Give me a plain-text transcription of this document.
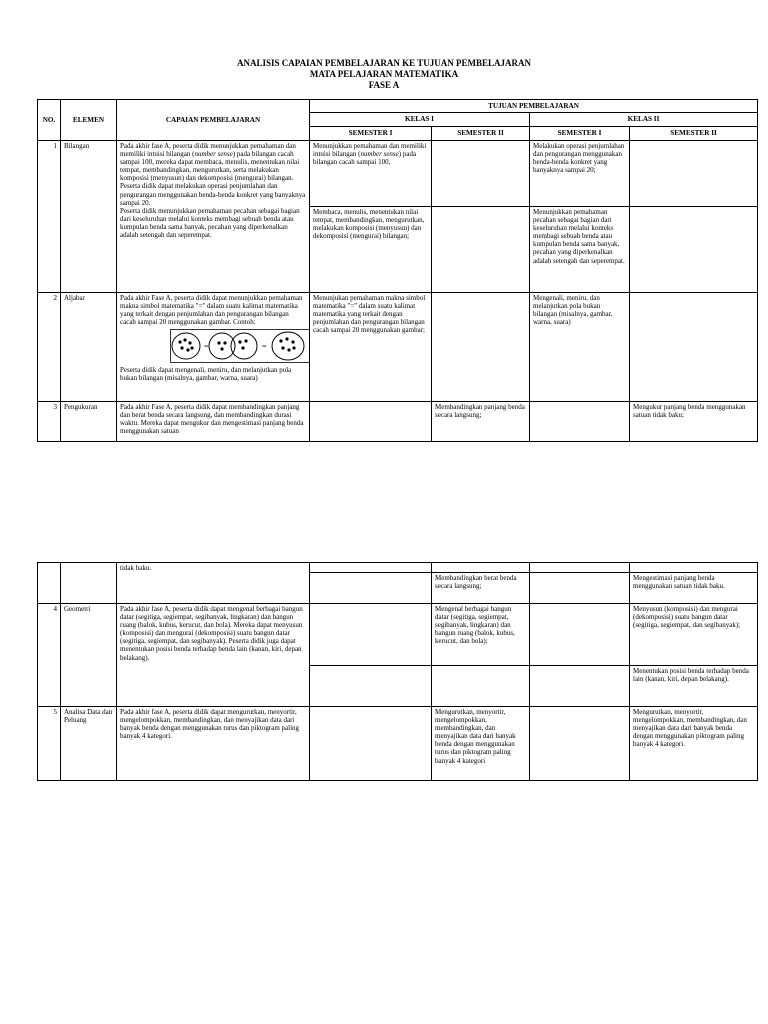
ANALISIS CAPAIAN PEMBELAJARAN KE TUJUAN PEMBELAJARAN
MATA PELAJARAN MATEMATIKA
FASE A
NO.	ELEMEN	CAPAIAN PEMBELAJARAN	TUJUAN PEMBELAJARAN			
			KELAS I		KELAS II	
			SEMESTER I	SEMESTER II	SEMESTER I	SEMESTER II
1	Bilangan	Pada akhir fase A, peserta didik menunjukkan pemahaman dan memiliki intuisi bilangan (number sense) pada bilangan cacah sampai 100, mereka dapat membaca, menulis, menentukan nilai tempat, membandingkan, mengurutkan, serta melakukan komposisi (menyusun) dan dekomposisi (mengurai) bilangan.
Peserta didik dapat melakukan operasi penjumlahan dan pengurangan menggunakan benda-benda konkret yang banyaknya sampai 20.
Peserta didik menunjukkan pemahaman pecahan sebagai bagian dari keseluruhan melalui konteks membagi sebuah benda atau kumpulan benda sama banyak, pecahan yang diperkenalkan adalah setengah dan seperempat.	Menunjukkan pemahaman dan memiliki intuisi bilangan (number sense) pada bilangan cacah sampai 100,		Melakukan operasi penjumlahan dan pengurangan menggunakan benda-benda konkret yang banyaknya sampai 20;	
			Membaca, menulis, menentukan nilai tempat, membandingkan, mengurutkan, melakukan komposisi (menyusun) dan dekomposisi (mengurai) bilangan;		Menunjukkan pemahaman pecahan sebagai bagian dari keseluruhan melalui konteks membagi sebuah benda atau kumpulan benda sama banyak, pecahan yang diperkenalkan adalah setengah dan seperempat.	
2	Aljabar	Pada akhir Fase A, peserta didik dapat menunjukkan pemahaman makna simbol matematika "=" dalam suatu kalimat matematika yang terkait dengan penjumlahan dan pengurangan bilangan cacah sampai 20 menggunakan gambar. Contoh:
= =
Peserta didik dapat mengenali, meniru, dan melanjutkan pola bukan bilangan (misalnya, gambar, warna, suara)	Menunjukan pemahaman makna simbol matematika "=" dalam suatu kalimat matematika yang terkait dengan penjumlahan dan pengurangan bilangan cacah sampai 20 menggunakan gambar;		Mengenali, meniru, dan melanjutkan pola bukan bilangan (misalnya, gambar, warna, suara)	
3	Pengukuran	Pada akhir Fase A, peserta didik dapat membandingkan panjang dan berat benda secara langsung, dan membandingkan durasi waktu. Mereka dapat mengukur dan mengestimasi panjang benda menggunakan satuan		Membandingkan panjang benda secara langsung;		Mengukur panjang benda menggunakan satuan tidak baku;
		tidak baku.				
				Membandingkan berat benda secara langsung;		Mengestimasi panjang benda menggunakan satuan tidak baku.
4	Geometri	Pada akhir fase A, peserta didik dapat mengenal berbagai bangun datar (segitiga, segiempat, segibanyak, lingkaran) dan bangun ruang (balok, kubus, kerucut, dan bola). Mereka dapat menyusun (komposisi) dan mengurai (dekomposisi) suatu bangun datar (segitiga, segiempat, dan segibanyak). Peserta didik juga dapat menentukan posisi benda terhadap benda lain (kanan, kiri, depan belakang).		Mengenal berbagai bangun datar (segitiga, segiempat, segibanyak, lingkaran) dan bangun ruang (balok, kubus, kerucut, dan bola);		Menyusun (komposisi) dan mengurai (dekomposisi) suatu bangun datar (segitiga, segiempat, dan segibanyak);
						Menentukan posisi benda terhadap benda lain (kanan, kiri, depan belakang).
5	Analisa Data dan Peluang	Pada akhir fase A, peserta didik dapat mengurutkan, menyortir, mengelompokkan, membandingkan, dan menyajikan data dari banyak benda dengan menggunakan turus dan piktogram paling banyak 4 kategori.		Mengurutkan, menyortir, mengelompokkan, membandingkan, dan menyajikan data dari banyak benda dengan menggunakan turus dan piktogram paling banyak 4 kategori		Mengurutkan, menyortir, mengelompokkan, membandingkan, dan menyajikan data dari banyak benda dengan menggunakan piktogram paling banyak 4 kategori.
